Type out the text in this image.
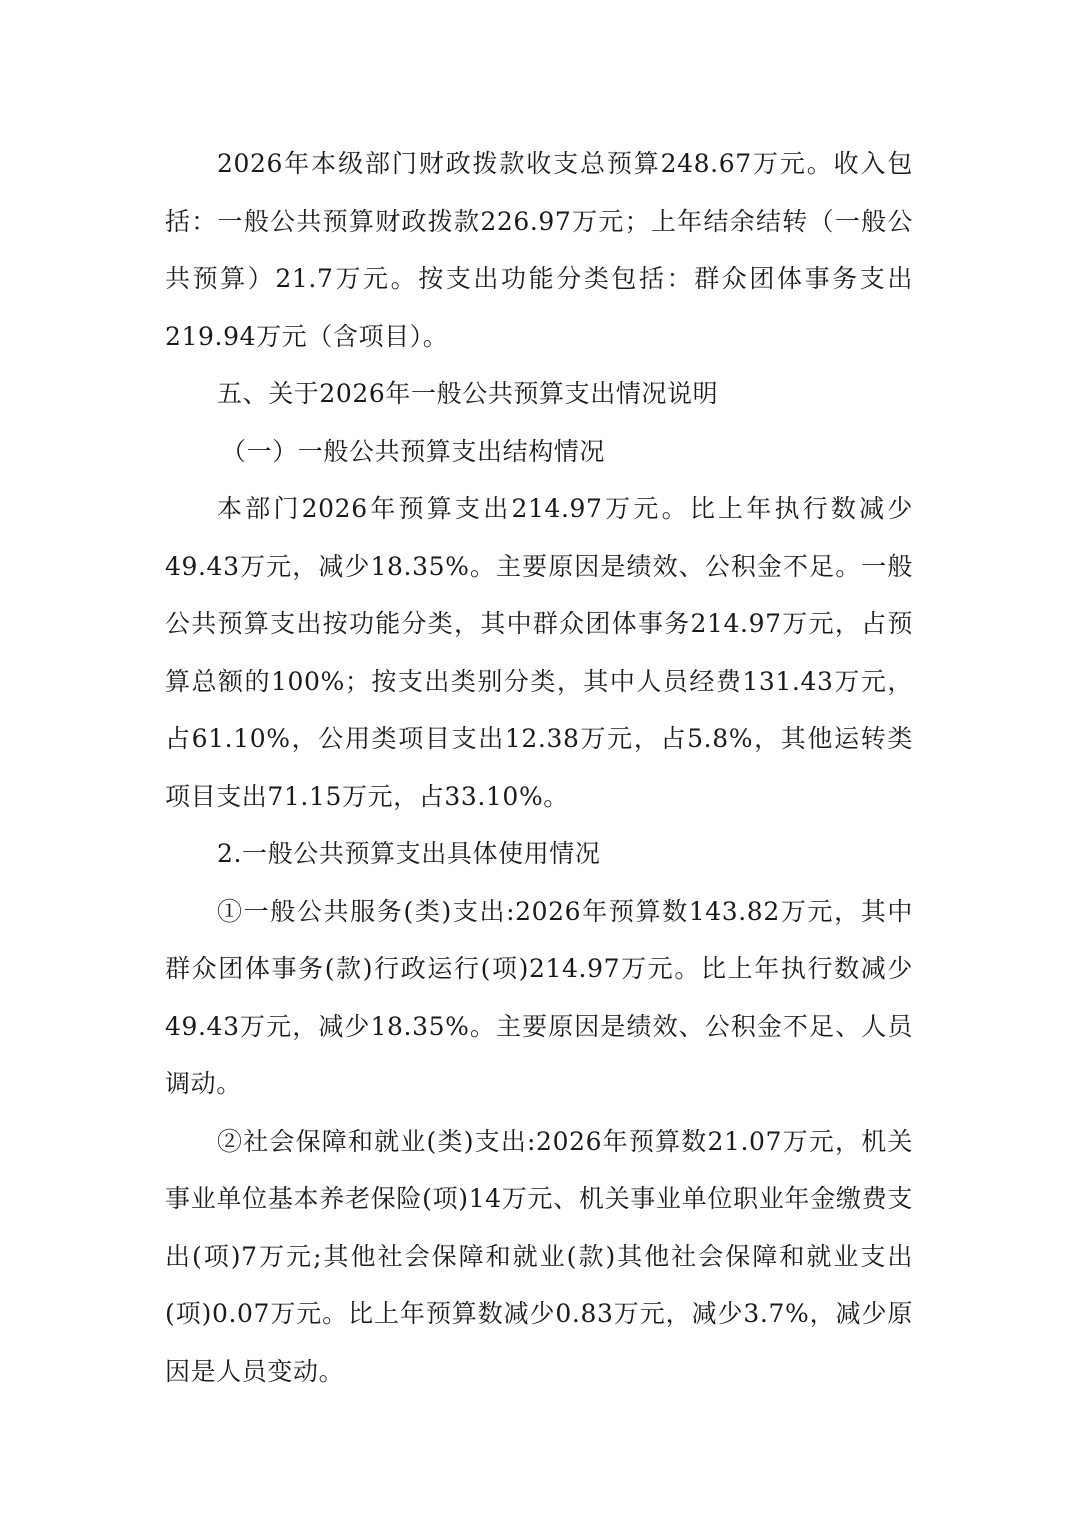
2026年本级部门财政拨款收支总预算248.67万元。收入包括：一般公共预算财政拨款226.97万元；上年结余结转（一般公共预算）21.7万元。按支出功能分类包括：群众团体事务支出219.94万元（含项目）。

五、关于2026年一般公共预算支出情况说明

（一）一般公共预算支出结构情况

本部门2026年预算支出214.97万元。比上年执行数减少49.43万元，减少18.35%。主要原因是绩效、公积金不足。一般公共预算支出按功能分类，其中群众团体事务214.97万元，占预算总额的100%；按支出类别分类，其中人员经费131.43万元，占61.10%，公用类项目支出12.38万元，占5.8%，其他运转类项目支出71.15万元，占33.10%。

2.一般公共预算支出具体使用情况

①一般公共服务(类)支出:2026年预算数143.82万元，其中群众团体事务(款)行政运行(项)214.97万元。比上年执行数减少49.43万元，减少18.35%。主要原因是绩效、公积金不足、人员调动。

②社会保障和就业(类)支出:2026年预算数21.07万元，机关事业单位基本养老保险(项)14万元、机关事业单位职业年金缴费支出(项)7万元;其他社会保障和就业(款)其他社会保障和就业支出(项)0.07万元。比上年预算数减少0.83万元，减少3.7%，减少原因是人员变动。
